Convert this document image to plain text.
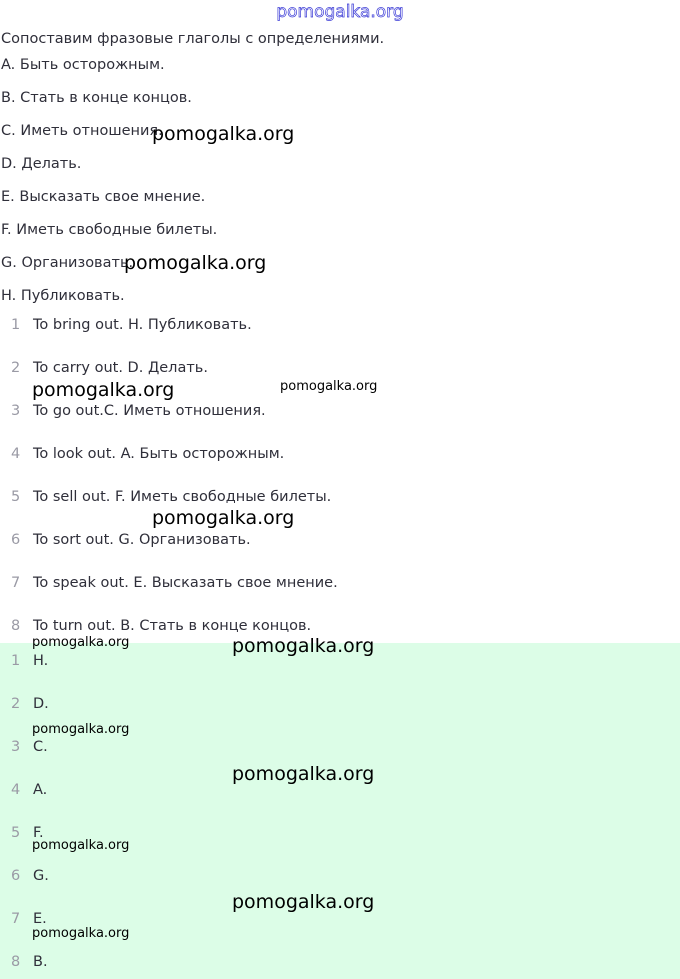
pomogalka.org
Сопоставим фразовые глаголы с определениями.
A. Быть осторожным.
B. Стать в конце концов.
C. Иметь отношения.
D. Делать.
E. Высказать свое мнение.
F. Иметь свободные билеты.
G. Организовать.
H. Публиковать.
1 To bring out. H. Публиковать.
2 To carry out. D. Делать.
3 To go out.C. Иметь отношения.
4 To look out. A. Быть осторожным.
5 To sell out. F. Иметь свободные билеты.
6 To sort out. G. Организовать.
7 To speak out. E. Высказать свое мнение.
8 To turn out. B. Стать в конце концов.
1 H.
2 D.
3 C.
4 A.
5 F.
6 G.
7 E.
8 B.
pomogalka.org
pomogalka.org
pomogalka.org	pomogalka.org
pomogalka.org
pomogalka.org	pomogalka.org
pomogalka.org
pomogalka.org
pomogalka.org
pomogalka.org
pomogalka.org
